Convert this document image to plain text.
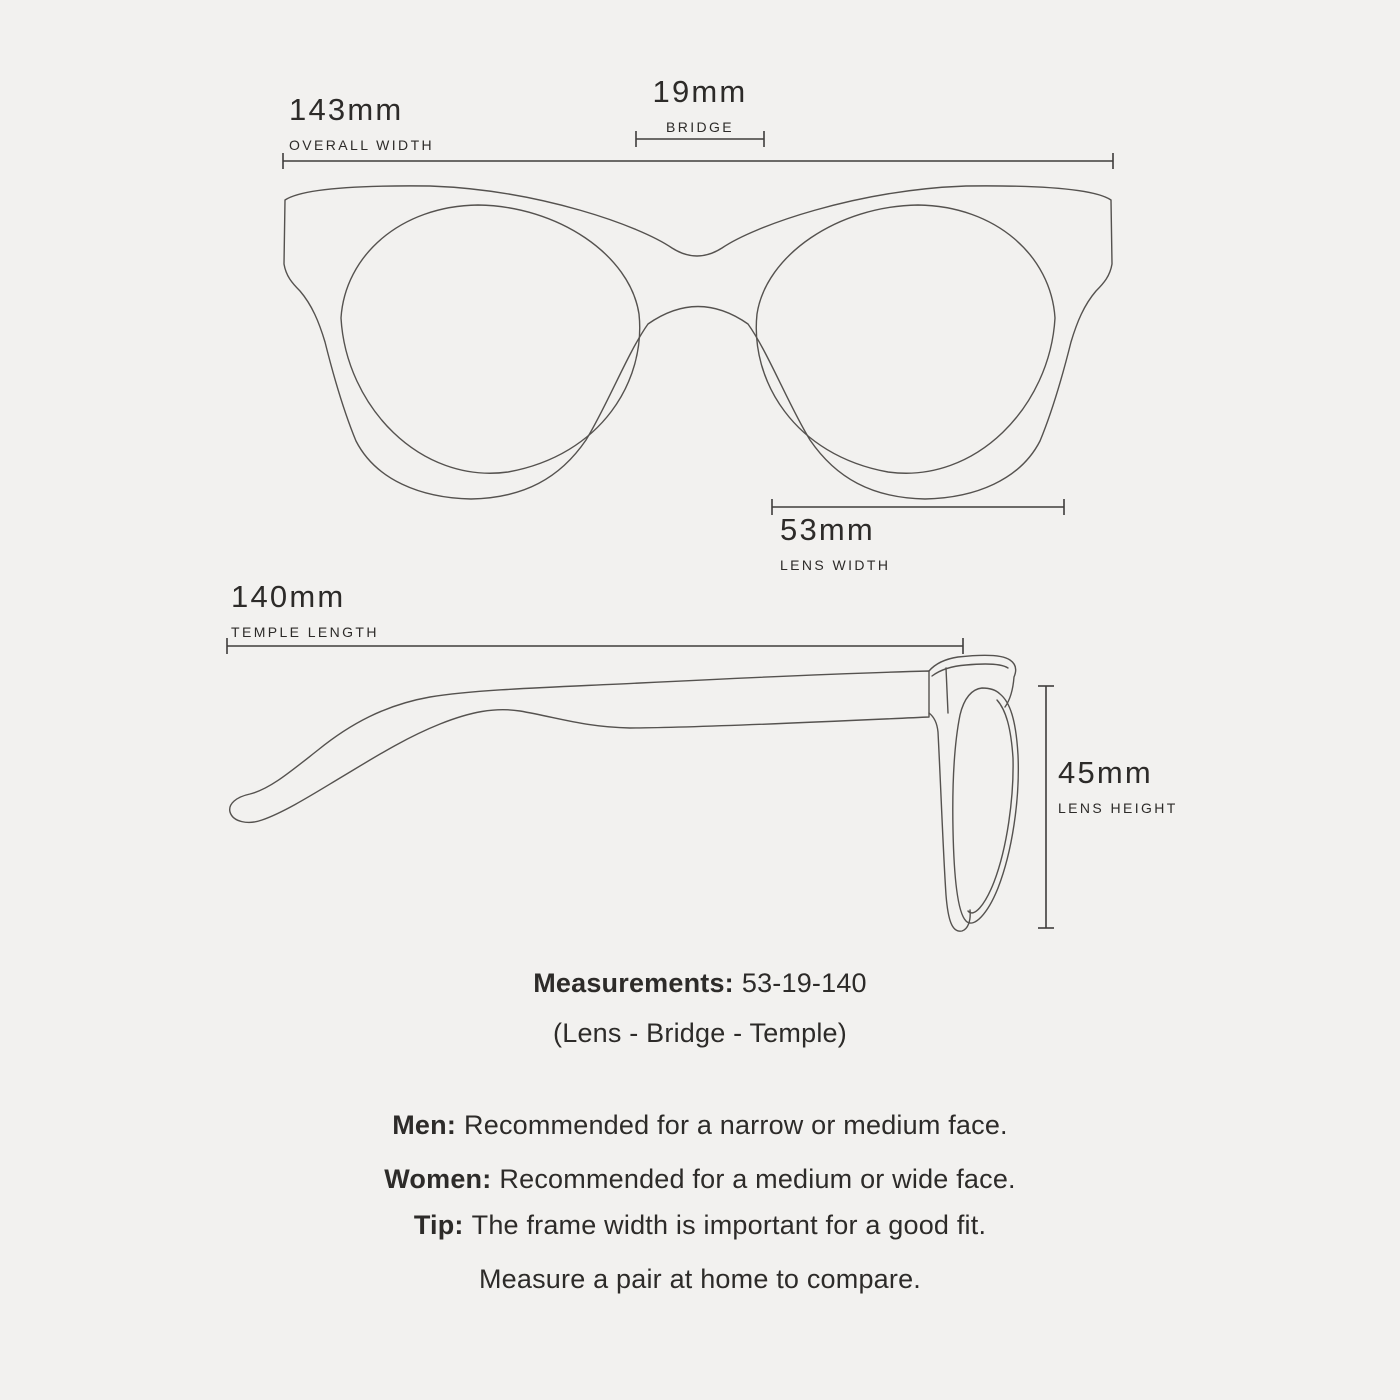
143mm
OVERALL WIDTH
19mm
BRIDGE
53mm
LENS WIDTH
140mm
TEMPLE LENGTH
45mm
LENS HEIGHT
Measurements: 53-19-140
(Lens - Bridge - Temple)
Men: Recommended for a narrow or medium face.
Women: Recommended for a medium or wide face.
Tip: The frame width is important for a good fit.
Measure a pair at home to compare.
